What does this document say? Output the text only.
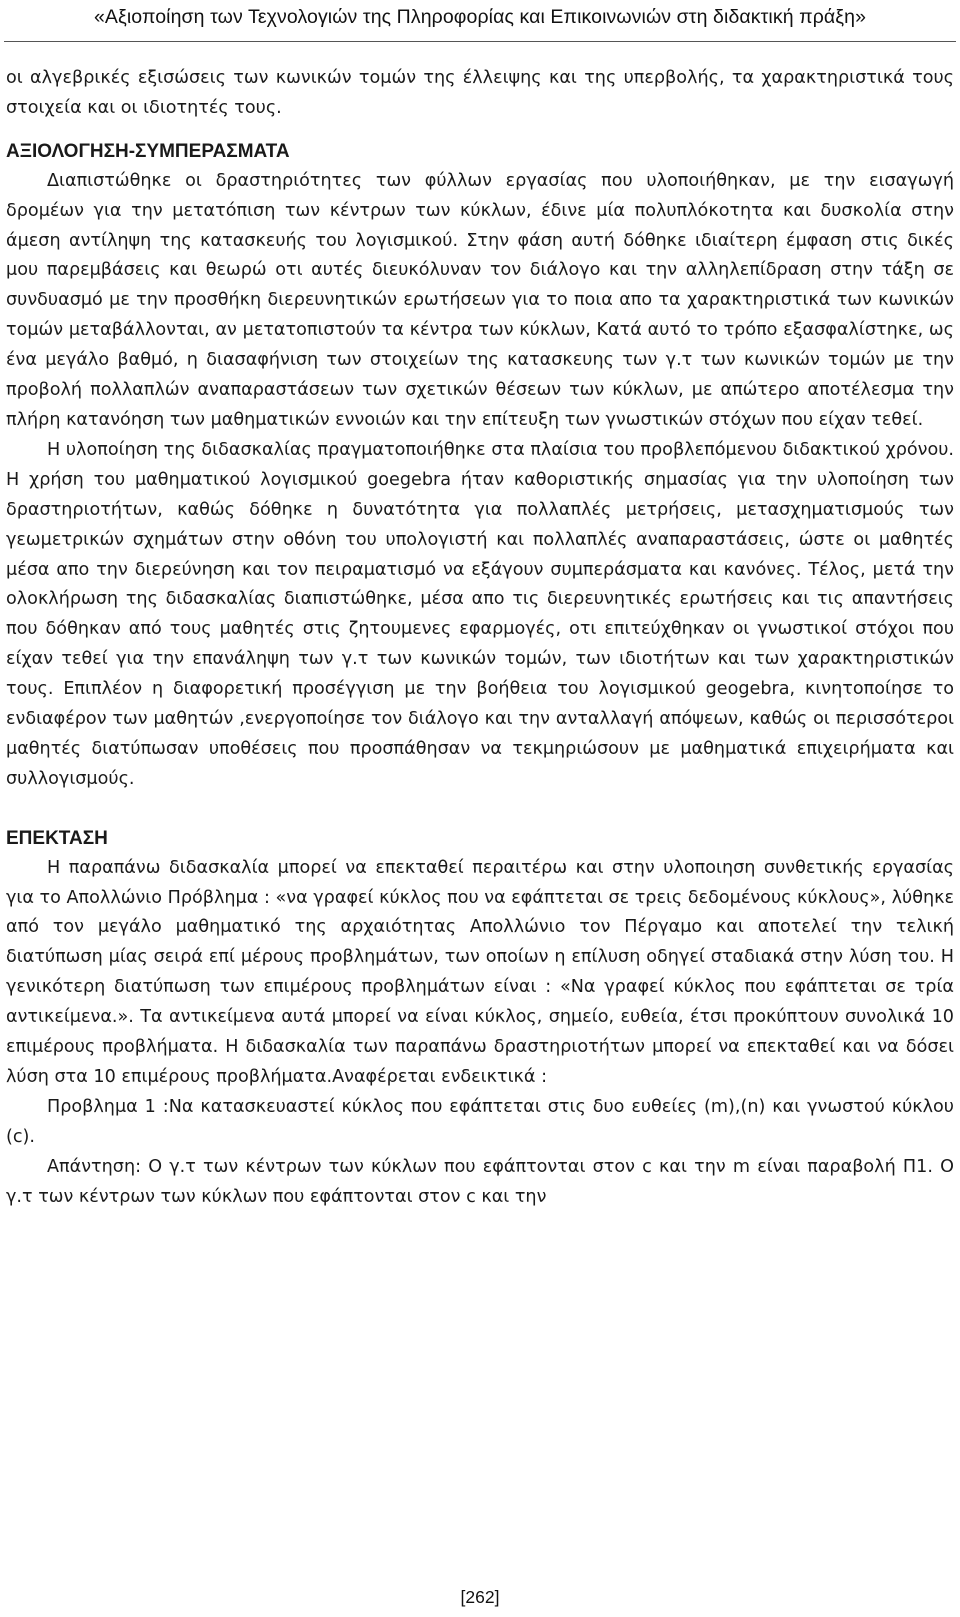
«Αξιοποίηση των Τεχνολογιών της Πληροφορίας και Επικοινωνιών στη διδακτική πράξη»

οι αλγεβρικές εξισώσεις των κωνικών τομών της έλλειψης και της υπερβολής, τα χαρακτηριστικά τους στοιχεία και οι ιδιοτητές τους.

ΑΞΙΟΛΟΓΗΣΗ-ΣΥΜΠΕΡΑΣΜΑΤΑ

Διαπιστώθηκε οι δραστηριότητες των φύλλων εργασίας που υλοποιήθηκαν, με την εισαγωγή δρομέων για την μετατόπιση των κέντρων των κύκλων, έδινε μία πολυπλόκοτητα και δυσκολία στην άμεση αντίληψη της κατασκευής του λογισμικού. Στην φάση αυτή δόθηκε ιδιαίτερη έμφαση στις δικές μου παρεμβάσεις και θεωρώ οτι αυτές διευκόλυναν τον διάλογο και την αλληλεπίδραση στην τάξη σε συνδυασμό με την προσθήκη διερευνητικών ερωτήσεων για το ποια απο τα χαρακτηριστικά των κωνικών τομών μεταβάλλονται, αν μετατοπιστούν τα κέντρα των κύκλων, Κατά αυτό το τρόπο εξασφαλίστηκε, ως ένα μεγάλο βαθμό, η διασαφήνιση των στοιχείων της κατασκευης των γ.τ των κωνικών τομών με την προβολή πολλαπλών αναπαραστάσεων των σχετικών θέσεων των κύκλων, με απώτερο αποτέλεσμα την πλήρη κατανόηση των μαθηματικών εννοιών και την επίτευξη των γνωστικών στόχων που είχαν τεθεί.

Η υλοποίηση της διδασκαλίας πραγματοποιήθηκε στα πλαίσια του προβλεπόμενου διδακτικού χρόνου. Η χρήση του μαθηματικού λογισμικού goegebra ήταν καθοριστικής σημασίας για την υλοποίηση των δραστηριοτήτων, καθώς δόθηκε η δυνατότητα για πολλαπλές μετρήσεις, μετασχηματισμούς των γεωμετρικών σχημάτων στην οθόνη του υπολογιστή και πολλαπλές αναπαραστάσεις, ώστε οι μαθητές μέσα απο την διερεύνηση και τον πειραματισμό να εξάγουν συμπεράσματα και κανόνες. Τέλος, μετά την ολοκλήρωση της διδασκαλίας διαπιστώθηκε, μέσα απο τις διερευνητικές ερωτήσεις και τις απαντήσεις που δόθηκαν από τους μαθητές στις ζητουμενες εφαρμογές, οτι επιτεύχθηκαν οι γνωστικοί στόχοι που είχαν τεθεί για την επανάληψη των γ.τ των κωνικών τομών, των ιδιοτήτων και των χαρακτηριστικών τους. Επιπλέον η διαφορετική προσέγγιση με την βοήθεια του λογισμικού geogebra, κινητοποίησε το ενδιαφέρον των μαθητών ,ενεργοποίησε τον διάλογο και την ανταλλαγή απόψεων, καθώς οι περισσότεροι μαθητές διατύπωσαν υποθέσεις που προσπάθησαν να τεκμηριώσουν με μαθηματικά επιχειρήματα και συλλογισμούς.

ΕΠΕΚΤΑΣΗ

Η παραπάνω διδασκαλία μπορεί να επεκταθεί περαιτέρω και στην υλοποιηση συνθετικής εργασίας για το Απολλώνιο Πρόβλημα : «να γραφεί κύκλος που να εφάπτεται σε τρεις δεδομένους κύκλους», λύθηκε από τον μεγάλο μαθηματικό της αρχαιότητας Απολλώνιο τον Πέργαμο και αποτελεί την τελική διατύπωση μίας σειρά επί μέρους προβλημάτων, των οποίων η επίλυση οδηγεί σταδιακά στην λύση του. Η γενικότερη διατύπωση των επιμέρους προβλημάτων είναι : «Να γραφεί κύκλος που εφάπτεται σε τρία αντικείμενα.». Τα αντικείμενα αυτά μπορεί να είναι κύκλος, σημείο, ευθεία, έτσι προκύπτουν συνολικά 10 επιμέρους προβλήματα. Η διδασκαλία των παραπάνω δραστηριοτήτων μπορεί να επεκταθεί και να δόσει λύση στα 10 επιμέρους προβλήματα.Αναφέρεται ενδεικτικά :

Προβλημα 1 :Να κατασκευαστεί κύκλος που εφάπτεται στις δυο ευθείες (m),(n) και γνωστού κύκλου (c).

Απάντηση: Ο γ.τ των κέντρων των κύκλων που εφάπτονται στον c και την m είναι παραβολή Π1. Ο γ.τ των κέντρων των κύκλων που εφάπτονται στον c και την

[262]
